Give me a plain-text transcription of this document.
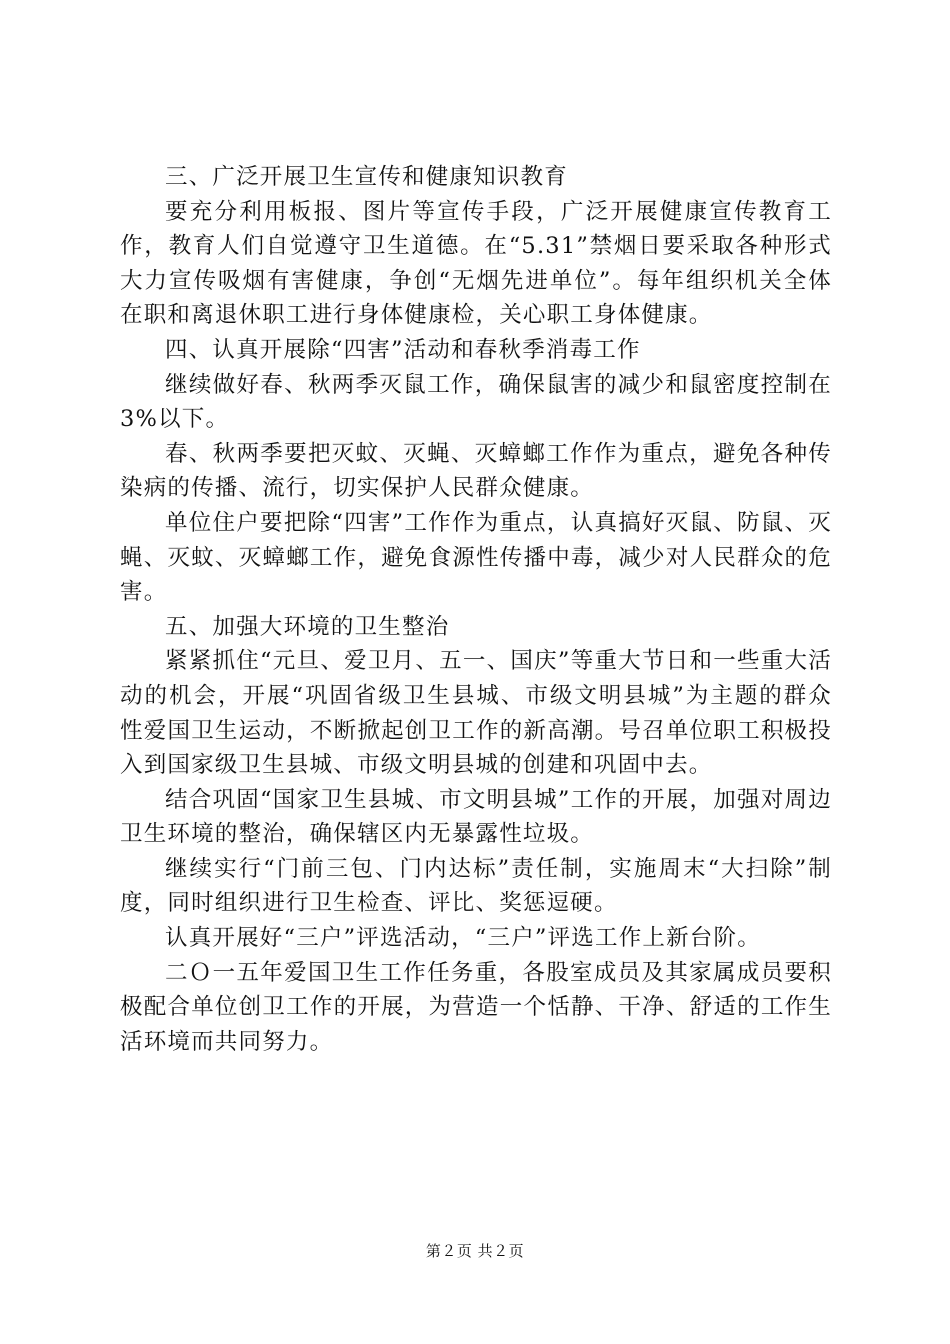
三、广泛开展卫生宣传和健康知识教育

要充分利用板报、图片等宣传手段，广泛开展健康宣传教育工作，教育人们自觉遵守卫生道德。在“5.31”禁烟日要采取各种形式大力宣传吸烟有害健康，争创“无烟先进单位”。每年组织机关全体在职和离退休职工进行身体健康检，关心职工身体健康。

四、认真开展除“四害”活动和春秋季消毒工作

继续做好春、秋两季灭鼠工作，确保鼠害的减少和鼠密度控制在3%以下。

春、秋两季要把灭蚊、灭蝇、灭蟑螂工作作为重点，避免各种传染病的传播、流行，切实保护人民群众健康。

单位住户要把除“四害”工作作为重点，认真搞好灭鼠、防鼠、灭蝇、灭蚊、灭蟑螂工作，避免食源性传播中毒，减少对人民群众的危害。

五、加强大环境的卫生整治

紧紧抓住“元旦、爱卫月、五一、国庆”等重大节日和一些重大活动的机会，开展“巩固省级卫生县城、市级文明县城”为主题的群众性爱国卫生运动，不断掀起创卫工作的新高潮。号召单位职工积极投入到国家级卫生县城、市级文明县城的创建和巩固中去。

结合巩固“国家卫生县城、市文明县城”工作的开展，加强对周边卫生环境的整治，确保辖区内无暴露性垃圾。

继续实行“门前三包、门内达标”责任制，实施周末“大扫除”制度，同时组织进行卫生检查、评比、奖惩逗硬。

认真开展好“三户”评选活动，“三户”评选工作上新台阶。

二Ｏ一五年爱国卫生工作任务重，各股室成员及其家属成员要积极配合单位创卫工作的开展，为营造一个恬静、干净、舒适的工作生活环境而共同努力。

第２页 共２页
